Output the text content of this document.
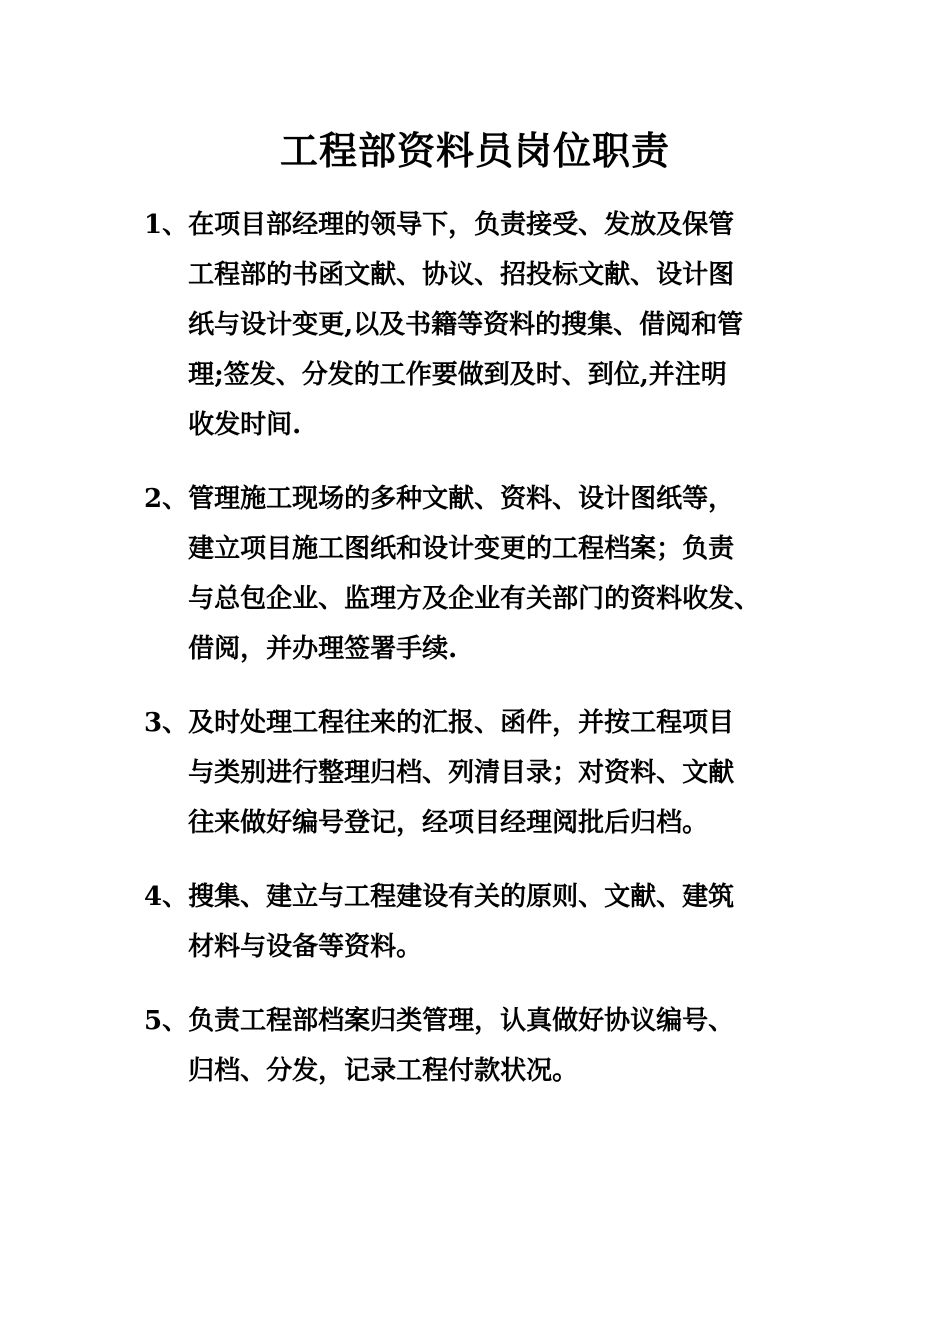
工程部资料员岗位职责
1、 在项目部经理的领导下，负责接受、发放及保管
工程部的书函文献、协议、招投标文献、设计图
纸与设计变更,以及书籍等资料的搜集、借阅和管
理;签发、分发的工作要做到及时、到位,并注明
收发时间.
2、 管理施工现场的多种文献、资料、设计图纸等，
建立项目施工图纸和设计变更的工程档案；负责
与总包企业、监理方及企业有关部门的资料收发、
借阅，并办理签署手续.
3、 及时处理工程往来的汇报、函件，并按工程项目
与类别进行整理归档、列清目录；对资料、文献
往来做好编号登记，经项目经理阅批后归档。
4、 搜集、建立与工程建设有关的原则、文献、建筑
材料与设备等资料。
5、 负责工程部档案归类管理，认真做好协议编号、
归档、分发，记录工程付款状况。
